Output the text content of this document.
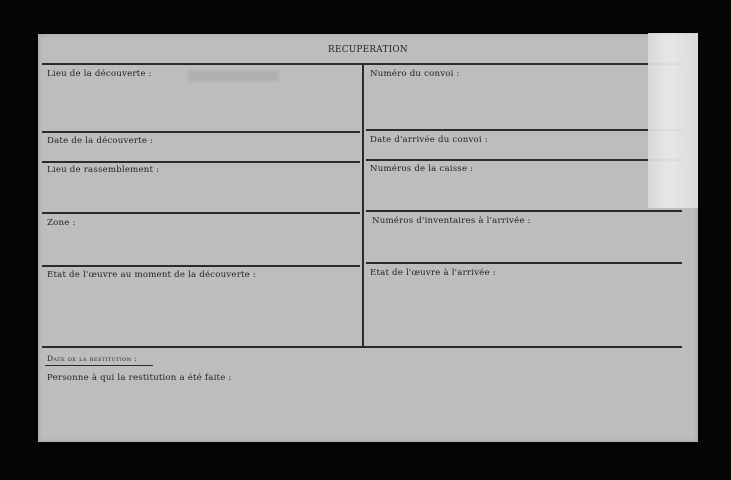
RECUPERATION
Lieu de la découverte :
Date de la découverte :
Lieu de rassemblement :
Zone :
Etat de l'œuvre au moment de la découverte :
Numéro du convoi :
Date d'arrivée du convoi :
Numéros de la caisse :
Numéros d'inventaires à l'arrivée :
Etat de l'œuvre à l'arrivée :
Date de la restitution :
Personne à qui la restitution a été faite :
